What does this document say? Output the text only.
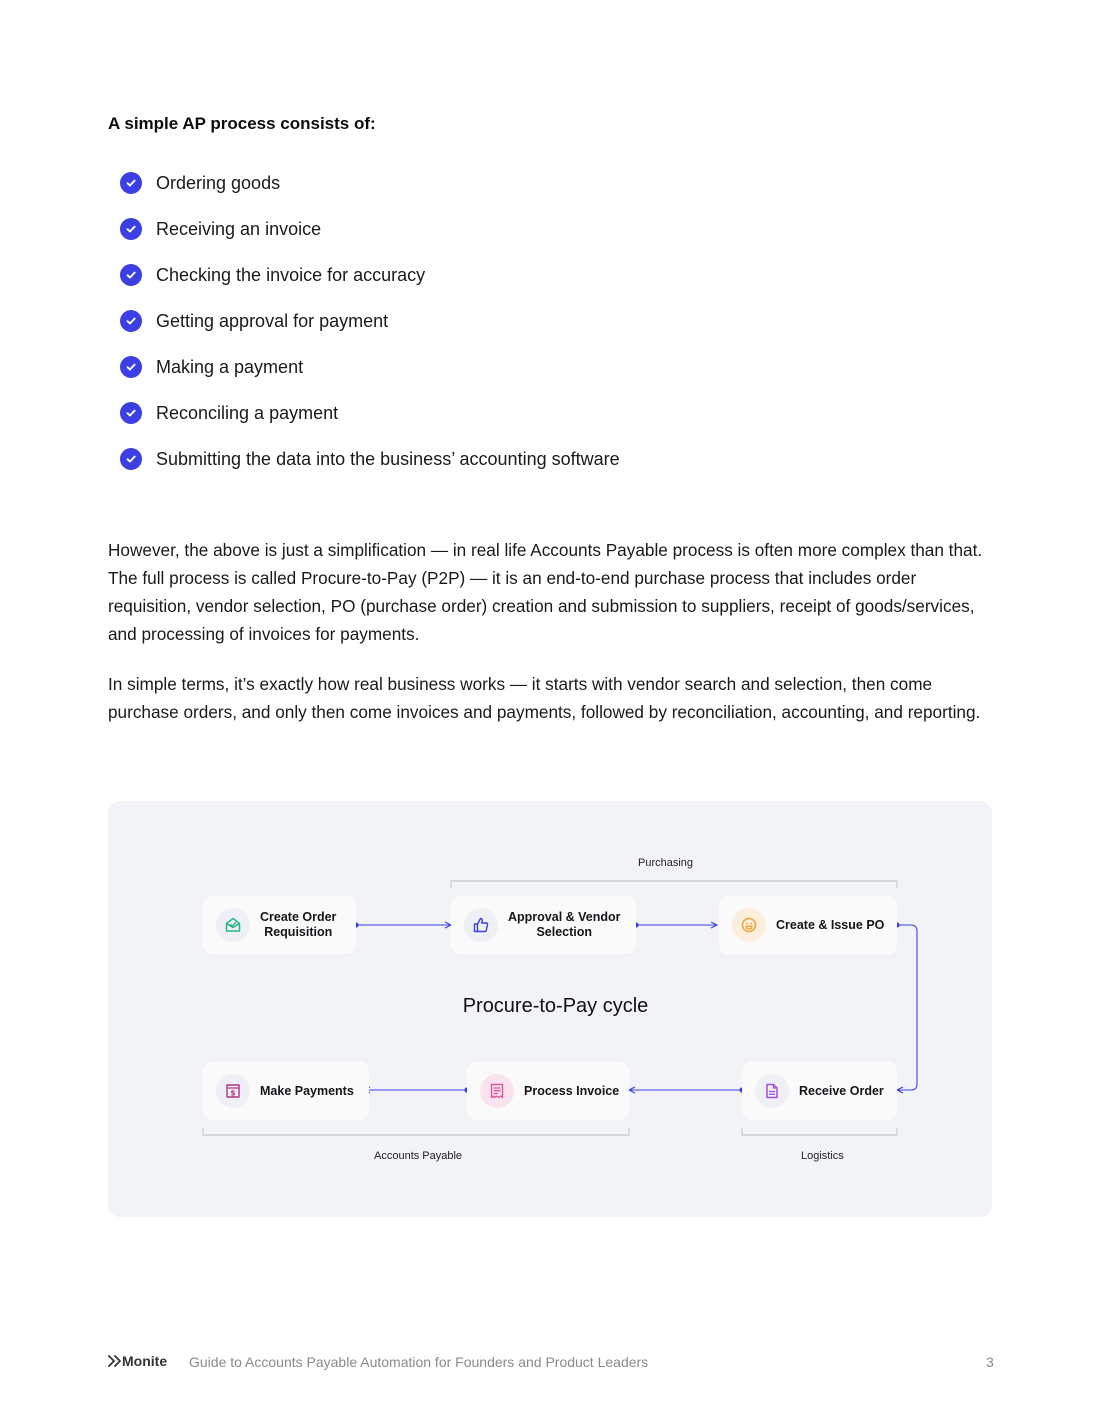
A simple AP process consists of:
Ordering goods
Receiving an invoice
Checking the invoice for accuracy
Getting approval for payment
Making a payment
Reconciling a payment
Submitting the data into the business’ accounting software

However, the above is just a simplification — in real life Accounts Payable process is often more complex than that. The full process is called Procure-to-Pay (P2P) — it is an end-to-end purchase process that includes order requisition, vendor selection, PO (purchase order) creation and submission to suppliers, receipt of goods/services, and processing of invoices for payments.

In simple terms, it’s exactly how real business works — it starts with vendor search and selection, then come purchase orders, and only then come invoices and payments, followed by reconciliation, accounting, and reporting.

Purchasing
Accounts Payable	Logistics
Create Order
Requisition
Approval & Vendor
Selection
Create & Issue PO
Procure-to-Pay cycle
Receive Order
Process Invoice
$ Make Payments
Monite Guide to Accounts Payable Automation for Founders and Product Leaders	3
